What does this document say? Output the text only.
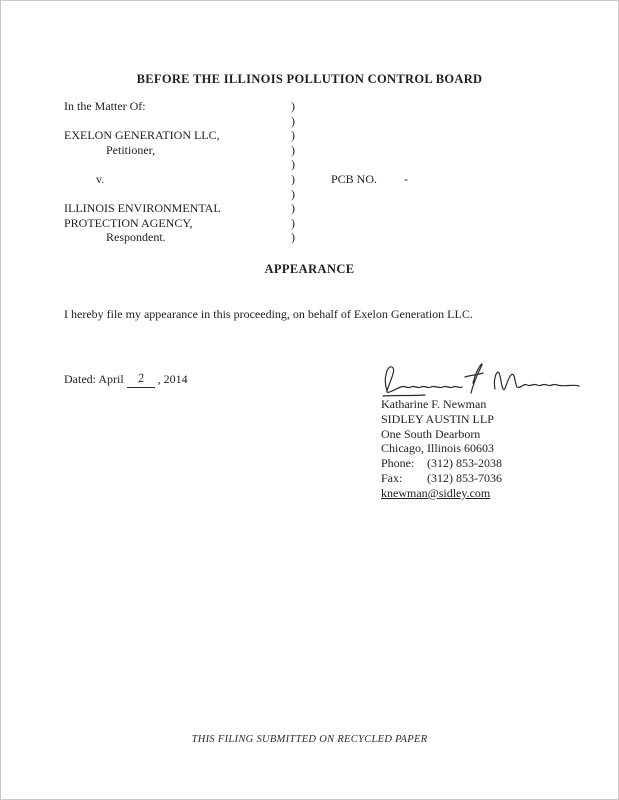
BEFORE THE ILLINOIS POLLUTION CONTROL BOARD
In the Matter Of:	)
)
EXELON GENERATION LLC,	)
Petitioner,	)
)
v.	)	PCB NO. -
)
ILLINOIS ENVIRONMENTAL	)
PROTECTION AGENCY,	)
Respondent.	)
APPEARANCE
I hereby file my appearance in this proceeding, on behalf of Exelon Generation LLC.
Dated: April 2 , 2014
Katharine F. Newman
SIDLEY AUSTIN LLP
One South Dearborn
Chicago, Illinois 60603
Phone: (312) 853-2038
Fax: (312) 853-7036
knewman@sidley.com
THIS FILING SUBMITTED ON RECYCLED PAPER
